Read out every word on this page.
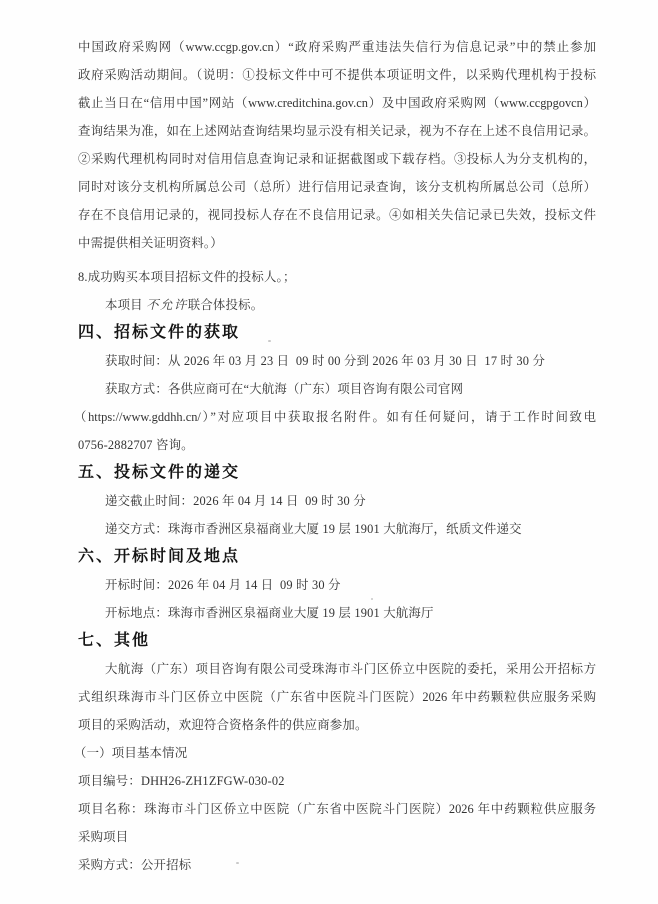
中国政府采购网（www.ccgp.gov.cn）“政府采购严重违法失信行为信息记录”中的禁止参加
政府采购活动期间。（说明：①投标文件中可不提供本项证明文件，以采购代理机构于投标
截止当日在“信用中国”网站（www.creditchina.gov.cn）及中国政府采购网（www.ccgpgovcn）
查询结果为准，如在上述网站查询结果均显示没有相关记录，视为不存在上述不良信用记录。
②采购代理机构同时对信用信息查询记录和证据截图或下载存档。③投标人为分支机构的，
同时对该分支机构所属总公司（总所）进行信用记录查询，该分支机构所属总公司（总所）
存在不良信用记录的，视同投标人存在不良信用记录。④如相关失信记录已失效，投标文件
中需提供相关证明资料。）
8.成功购买本项目招标文件的投标人。；
本项目 不允许联合体投标。
四、招标文件的获取
获取时间：从 2026 年 03 月 23 日  09 时 00 分到 2026 年 03 月 30 日  17 时 30 分
获取方式：各供应商可在“大航海（广东）项目咨询有限公司官网
（https://www.gddhh.cn/）”对应项目中获取报名附件。如有任何疑问，请于工作时间致电
0756-2882707 咨询。
五、投标文件的递交
递交截止时间：2026 年 04 月 14 日  09 时 30 分
递交方式：珠海市香洲区泉福商业大厦 19 层 1901 大航海厅，纸质文件递交
六、开标时间及地点
开标时间：2026 年 04 月 14 日  09 时 30 分
开标地点：珠海市香洲区泉福商业大厦 19 层 1901 大航海厅
七、其他
大航海（广东）项目咨询有限公司受珠海市斗门区侨立中医院的委托，采用公开招标方
式组织珠海市斗门区侨立中医院（广东省中医院斗门医院）2026 年中药颗粒供应服务采购
项目的采购活动，欢迎符合资格条件的供应商参加。
（一）项目基本情况
项目编号：DHH26-ZH1ZFGW-030-02
项目名称：珠海市斗门区侨立中医院（广东省中医院斗门医院）2026 年中药颗粒供应服务
采购项目
采购方式：公开招标
